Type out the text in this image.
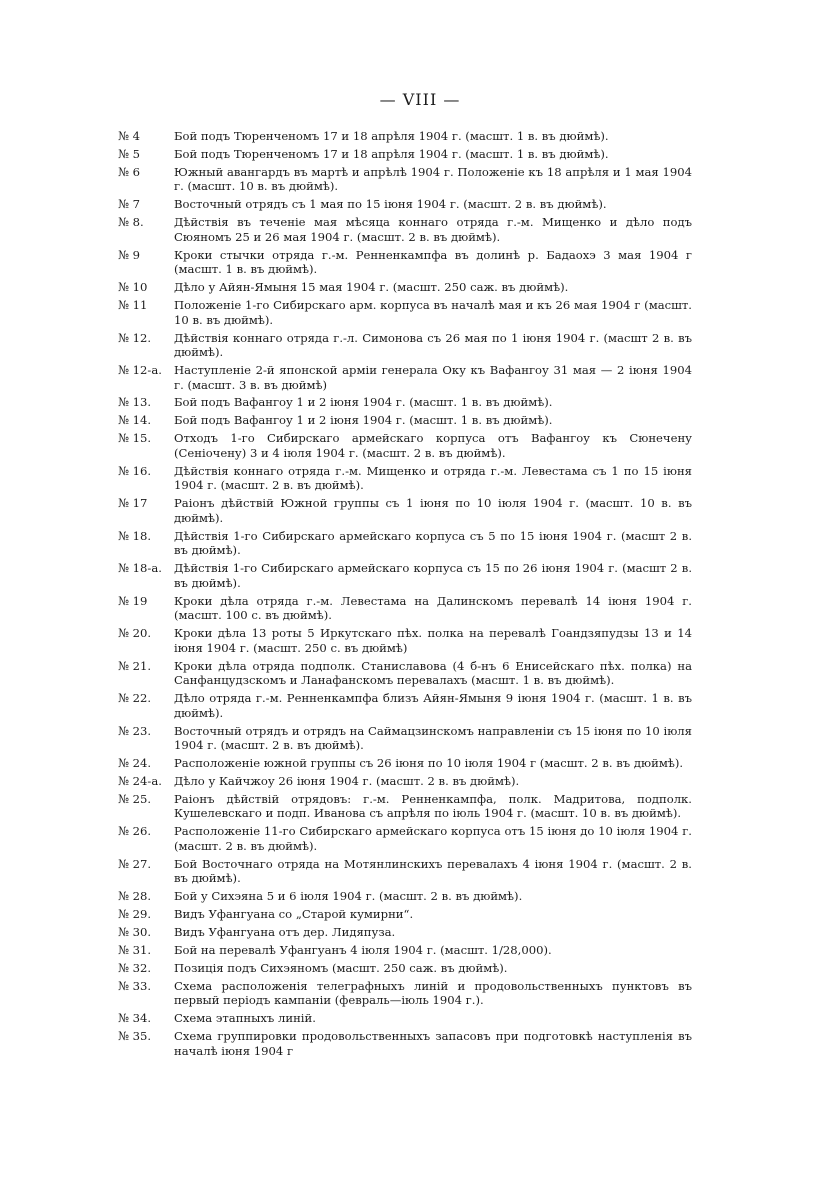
— VIII —
№ 4	Бой подъ Тюренченомъ 17 и 18 апрѣля 1904 г. (масшт. 1 в. въ дюймѣ).
№ 5	Бой подъ Тюренченомъ 17 и 18 апрѣля 1904 г. (масшт. 1 в. въ дюймѣ).
№ 6	Южный авангардъ въ мартѣ и апрѣлѣ 1904 г. Положеніе къ 18 апрѣля и 1 мая 1904 г. (масшт. 10 в. въ дюймѣ).
№ 7	Восточный отрядъ съ 1 мая по 15 іюня 1904 г. (масшт. 2 в. въ дюймѣ).
№ 8.	Дѣйствія въ теченіе мая мѣсяца коннаго отряда г.-м. Мищенко и дѣло подъ Сюяномъ 25 и 26 мая 1904 г. (масшт. 2 в. въ дюймѣ).
№ 9	Кроки стычки отряда г.-м. Ренненкампфа въ долинѣ р. Бадаохэ 3 мая 1904 г (масшт. 1 в. въ дюймѣ).
№ 10	Дѣло у Айян-Ямыня 15 мая 1904 г. (масшт. 250 саж. въ дюймѣ).
№ 11	Положеніе 1-го Сибирскаго арм. корпуса въ началѣ мая и къ 26 мая 1904 г (масшт. 10 в. въ дюймѣ).
№ 12.	Дѣйствія коннаго отряда г.-л. Симонова съ 26 мая по 1 іюня 1904 г. (масшт 2 в. въ дюймѣ).
№ 12-а.	Наступленіе 2-й японской арміи генерала Оку къ Вафангоу 31 мая — 2 іюня 1904 г. (масшт. 3 в. въ дюймѣ)
№ 13.	Бой подъ Вафангоу 1 и 2 іюня 1904 г. (масшт. 1 в. въ дюймѣ).
№ 14.	Бой подъ Вафангоу 1 и 2 іюня 1904 г. (масшт. 1 в. въ дюймѣ).
№ 15.	Отходъ 1-го Сибирскаго армейскаго корпуса отъ Вафангоу къ Сюнечену (Сеніочену) 3 и 4 іюля 1904 г. (масшт. 2 в. въ дюймѣ).
№ 16.	Дѣйствія коннаго отряда г.-м. Мищенко и отряда г.-м. Левестама съ 1 по 15 іюня 1904 г. (масшт. 2 в. въ дюймѣ).
№ 17	Раіонъ дѣйствій Южной группы съ 1 іюня по 10 іюля 1904 г. (масшт. 10 в. въ дюймѣ).
№ 18.	Дѣйствія 1-го Сибирскаго армейскаго корпуса съ 5 по 15 іюня 1904 г. (масшт 2 в. въ дюймѣ).
№ 18-а.	Дѣйствія 1-го Сибирскаго армейскаго корпуса съ 15 по 26 іюня 1904 г. (масшт 2 в. въ дюймѣ).
№ 19	Кроки дѣла отряда г.-м. Левестама на Далинскомъ перевалѣ 14 іюня 1904 г. (масшт. 100 с. въ дюймѣ).
№ 20.	Кроки дѣла 13 роты 5 Иркутскаго пѣх. полка на перевалѣ Гоандзяпудзы 13 и 14 іюня 1904 г. (масшт. 250 с. въ дюймѣ)
№ 21.	Кроки дѣла отряда подполк. Станиславова (4 б-нъ 6 Енисейскаго пѣх. полка) на Санфанцудзскомъ и Ланафанскомъ перевалахъ (масшт. 1 в. въ дюймѣ).
№ 22.	Дѣло отряда г.-м. Ренненкампфа близъ Айян-Ямыня 9 іюня 1904 г. (масшт. 1 в. въ дюймѣ).
№ 23.	Восточный отрядъ и отрядъ на Саймацзинскомъ направленіи съ 15 іюня по 10 іюля 1904 г. (масшт. 2 в. въ дюймѣ).
№ 24.	Расположеніе южной группы съ 26 іюня по 10 іюля 1904 г (масшт. 2 в. въ дюймѣ).
№ 24-а.	Дѣло у Кайчжоу 26 іюня 1904 г. (масшт. 2 в. въ дюймѣ).
№ 25.	Раіонъ дѣйствій отрядовъ: г.-м. Ренненкампфа, полк. Мадритова, подполк. Кушелевскаго и подп. Иванова съ апрѣля по іюль 1904 г. (масшт. 10 в. въ дюймѣ).
№ 26.	Расположеніе 11-го Сибирскаго армейскаго корпуса отъ 15 іюня до 10 іюля 1904 г. (масшт. 2 в. въ дюймѣ).
№ 27.	Бой Восточнаго отряда на Мотянлинскихъ перевалахъ 4 іюня 1904 г. (масшт. 2 в. въ дюймѣ).
№ 28.	Бой у Сихэяна 5 и 6 іюля 1904 г. (масшт. 2 в. въ дюймѣ).
№ 29.	Видъ Уфангуана со „Старой кумирни“.
№ 30.	Видъ Уфангуана отъ дер. Лидяпуза.
№ 31.	Бой на перевалѣ Уфангуанъ 4 іюля 1904 г. (масшт. 1/28,000).
№ 32.	Позиція подъ Сихэяномъ (масшт. 250 саж. въ дюймѣ).
№ 33.	Схема расположенія телеграфныхъ линій и продовольственныхъ пунктовъ въ первый періодъ кампаніи (февраль—іюль 1904 г.).
№ 34.	Схема этапныхъ линій.
№ 35.	Схема группировки продовольственныхъ запасовъ при подготовкѣ наступленія въ началѣ іюня 1904 г
